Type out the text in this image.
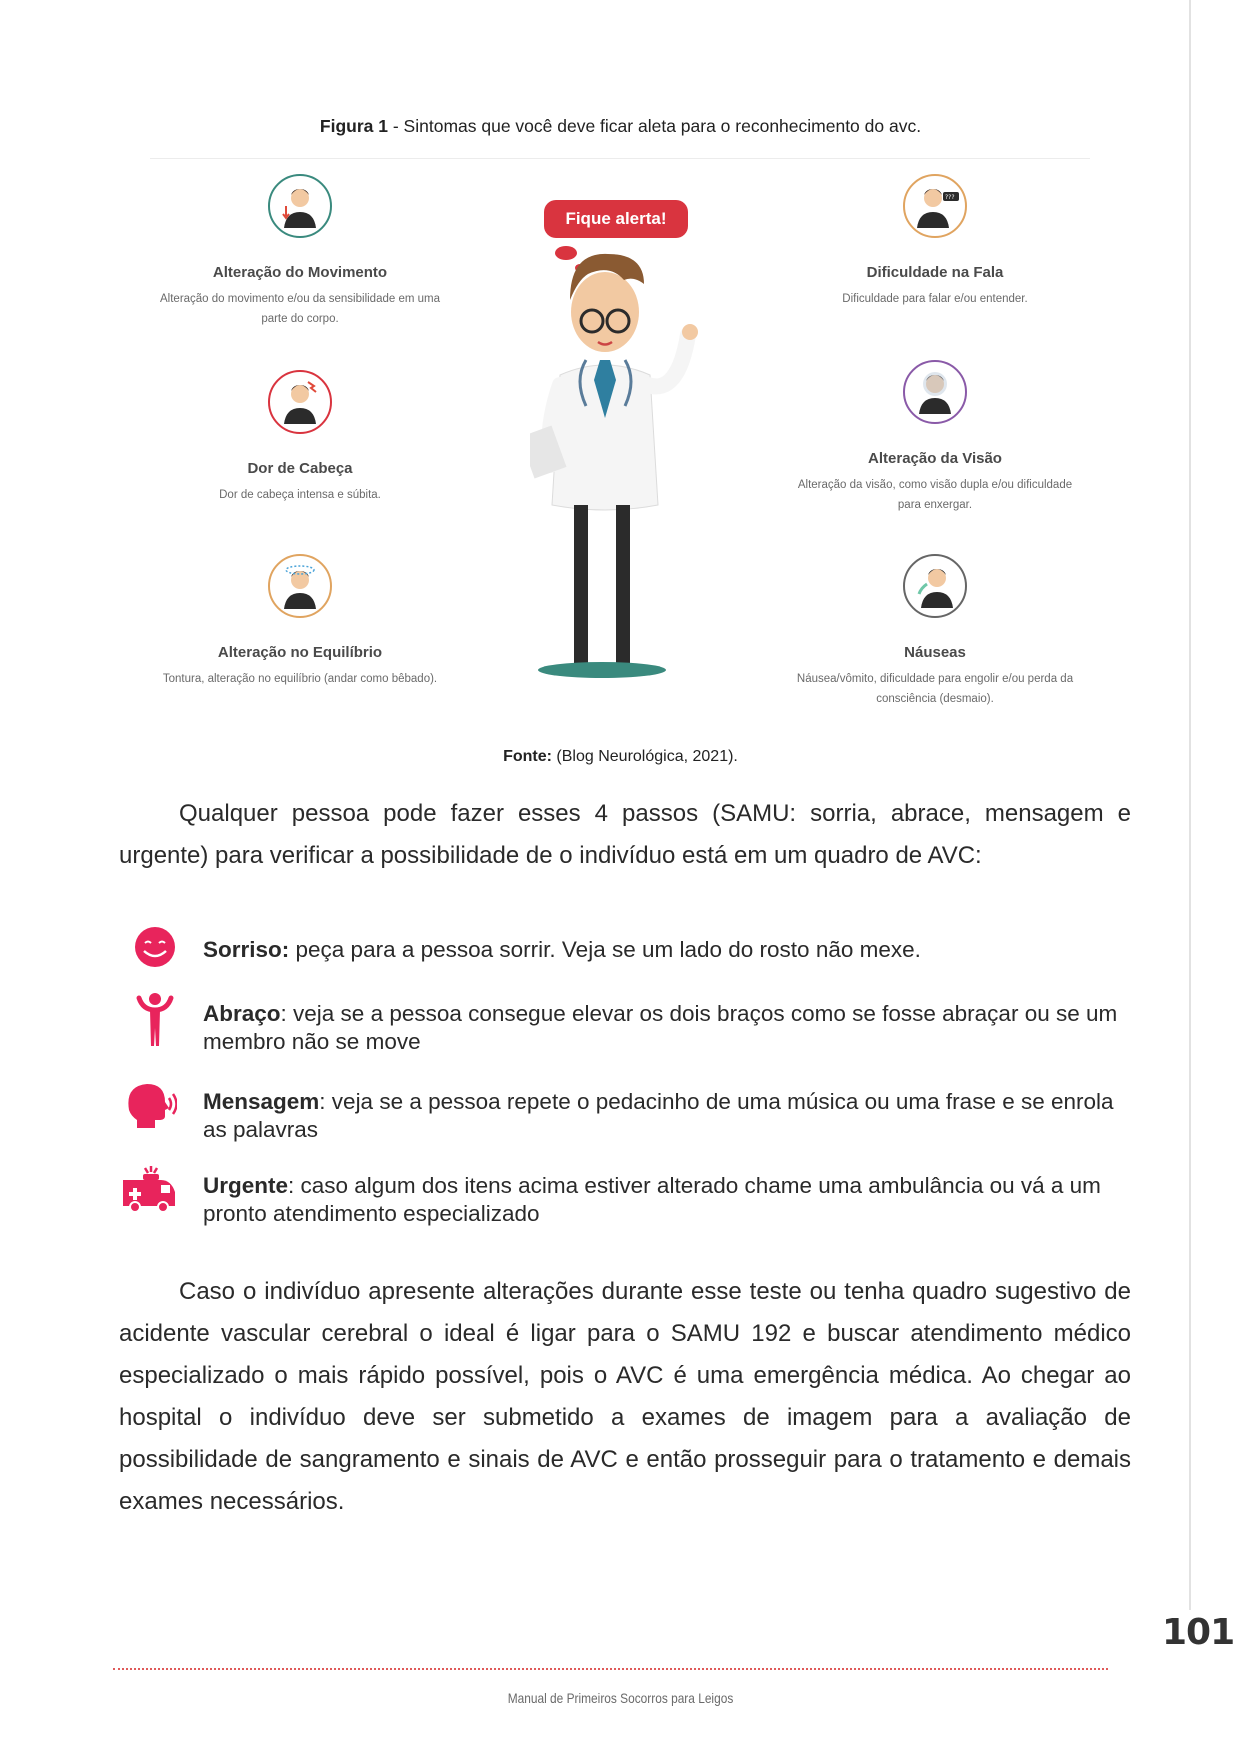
Figura 1 - Sintomas que você deve ficar aleta para o reconhecimento do avc.
Alteração do Movimento
Alteração do movimento e/ou da sensibilidade em uma parte do corpo.
Dor de Cabeça
Dor de cabeça intensa e súbita.
Alteração no Equilíbrio
Tontura, alteração no equilíbrio (andar como bêbado).
???
Dificuldade na Fala
Dificuldade para falar e/ou entender.
Alteração da Visão
Alteração da visão, como visão dupla e/ou dificuldade para enxergar.
Náuseas
Náusea/vômito, dificuldade para engolir e/ou perda da consciência (desmaio).
Fique alerta!
Fonte: (Blog Neurológica, 2021).
Qualquer pessoa pode fazer esses 4 passos (SAMU: sorria, abrace, mensagem e urgente) para verificar a possibilidade de o indivíduo está em um quadro de AVC:
Sorriso: peça para a pessoa sorrir. Veja se um lado do rosto não mexe.
Abraço: veja se a pessoa consegue elevar os dois braços como se fosse abraçar ou se um membro não se move
Mensagem: veja se a pessoa repete o pedacinho de uma música ou uma frase e se enrola as palavras
Urgente: caso algum dos itens acima estiver alterado chame uma ambulância ou vá a um pronto atendimento especializado
Caso o indivíduo apresente alterações durante esse teste ou tenha quadro sugestivo de acidente vascular cerebral o ideal é ligar para o SAMU 192 e buscar atendimento médico especializado o mais rápido possível, pois o AVC é uma emergência médica. Ao chegar ao hospital o indivíduo deve ser submetido a exames de imagem para a avaliação de possibilidade de sangramento e sinais de AVC e então prosseguir para o tratamento e demais exames necessários.
101
Manual de Primeiros Socorros para Leigos
